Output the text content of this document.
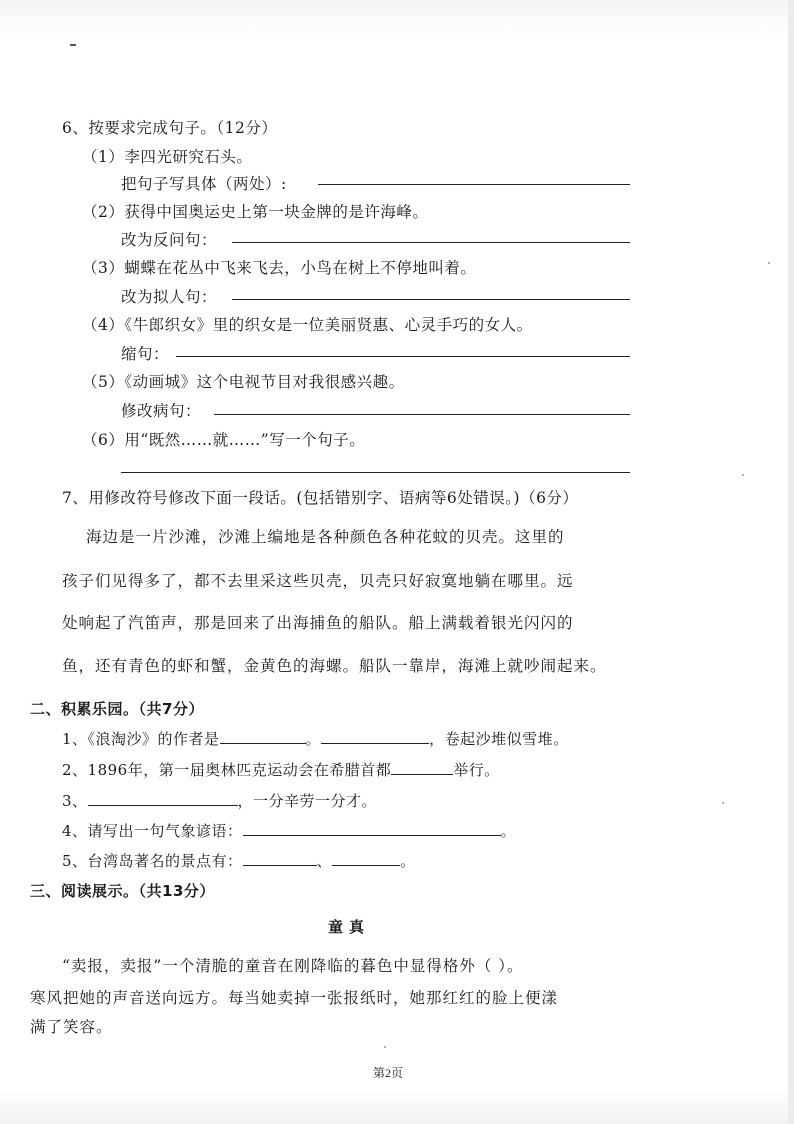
6、按要求完成句子。（12分）
（1）李四光研究石头。
把句子写具体（两处）:
（2）获得中国奥运史上第一块金牌的是许海峰。
改为反问句：
（3）蝴蝶在花丛中飞来飞去，小鸟在树上不停地叫着。
改为拟人句：
（4）《牛郎织女》里的织女是一位美丽贤惠、心灵手巧的女人。
缩句：
（5）《动画城》这个电视节目对我很感兴趣。
修改病句：
（6）用“既然……就……”写一个句子。
7、用修改符号修改下面一段话。(包括错别字、语病等6处错误。)（6分）
海边是一片沙滩，沙滩上编地是各种颜色各种花蚊的贝壳。这里的
孩子们见得多了，都不去里采这些贝壳，贝壳只好寂寞地躺在哪里。远
处响起了汽笛声，那是回来了出海捕鱼的船队。船上满载着银光闪闪的
鱼，还有青色的虾和蟹，金黄色的海螺。船队一靠岸，海滩上就吵闹起来。
二、积累乐园。（共7分）
1、《浪淘沙》的作者是	。	，卷起沙堆似雪堆。
2、1896年，第一届奥林匹克运动会在希腊首都	举行。
3、	，一分辛劳一分才。
4、请写出一句气象谚语：	。
5、台湾岛著名的景点有：	、	。
三、阅读展示。（共13分）
童真
“卖报，卖报”一个清脆的童音在刚降临的暮色中显得格外（ ）。
寒风把她的声音送向远方。每当她卖掉一张报纸时，她那红红的脸上便漾
满了笑容。
第2页
